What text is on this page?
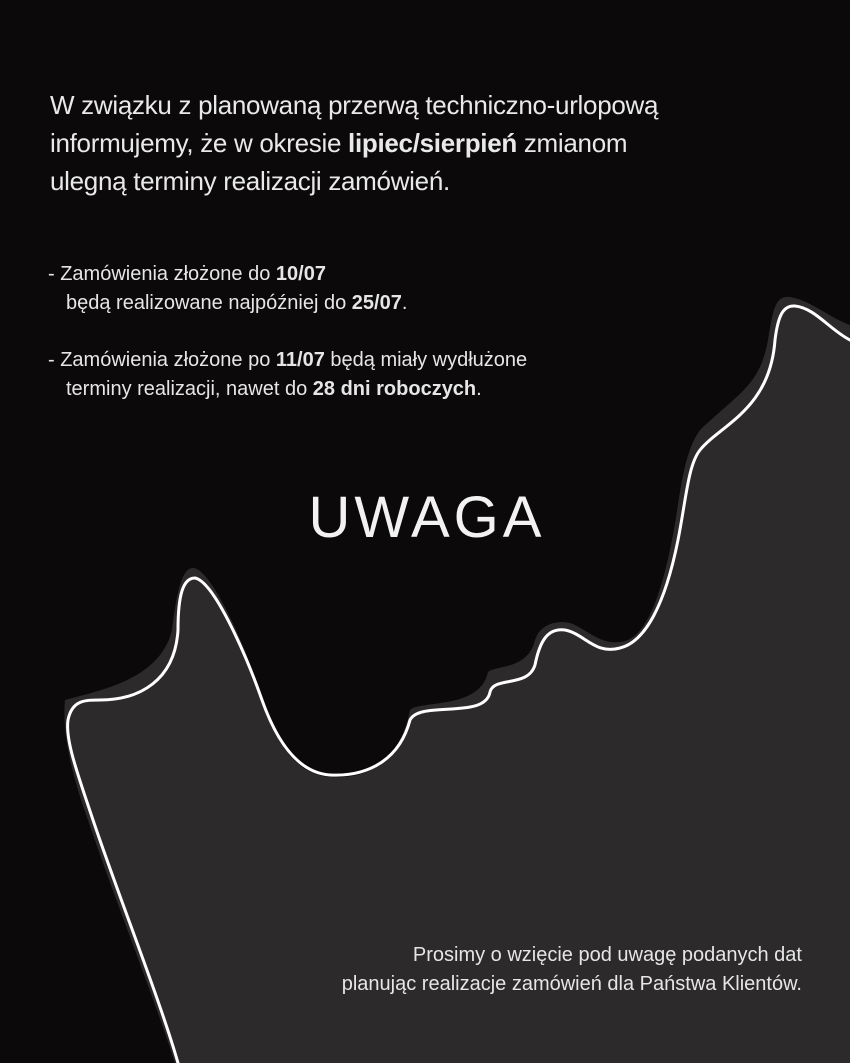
W związku z planowaną przerwą techniczno-urlopową
informujemy, że w okresie lipiec/sierpień zmianom
ulegną terminy realizacji zamówień.

- Zamówienia złożone do 10/07
będą realizowane najpóźniej do 25/07.
- Zamówienia złożone po 11/07 będą miały wydłużone
terminy realizacji, nawet do 28 dni roboczych.
UWAGA

Prosimy o wzięcie pod uwagę podanych dat
planując realizacje zamówień dla Państwa Klientów.
